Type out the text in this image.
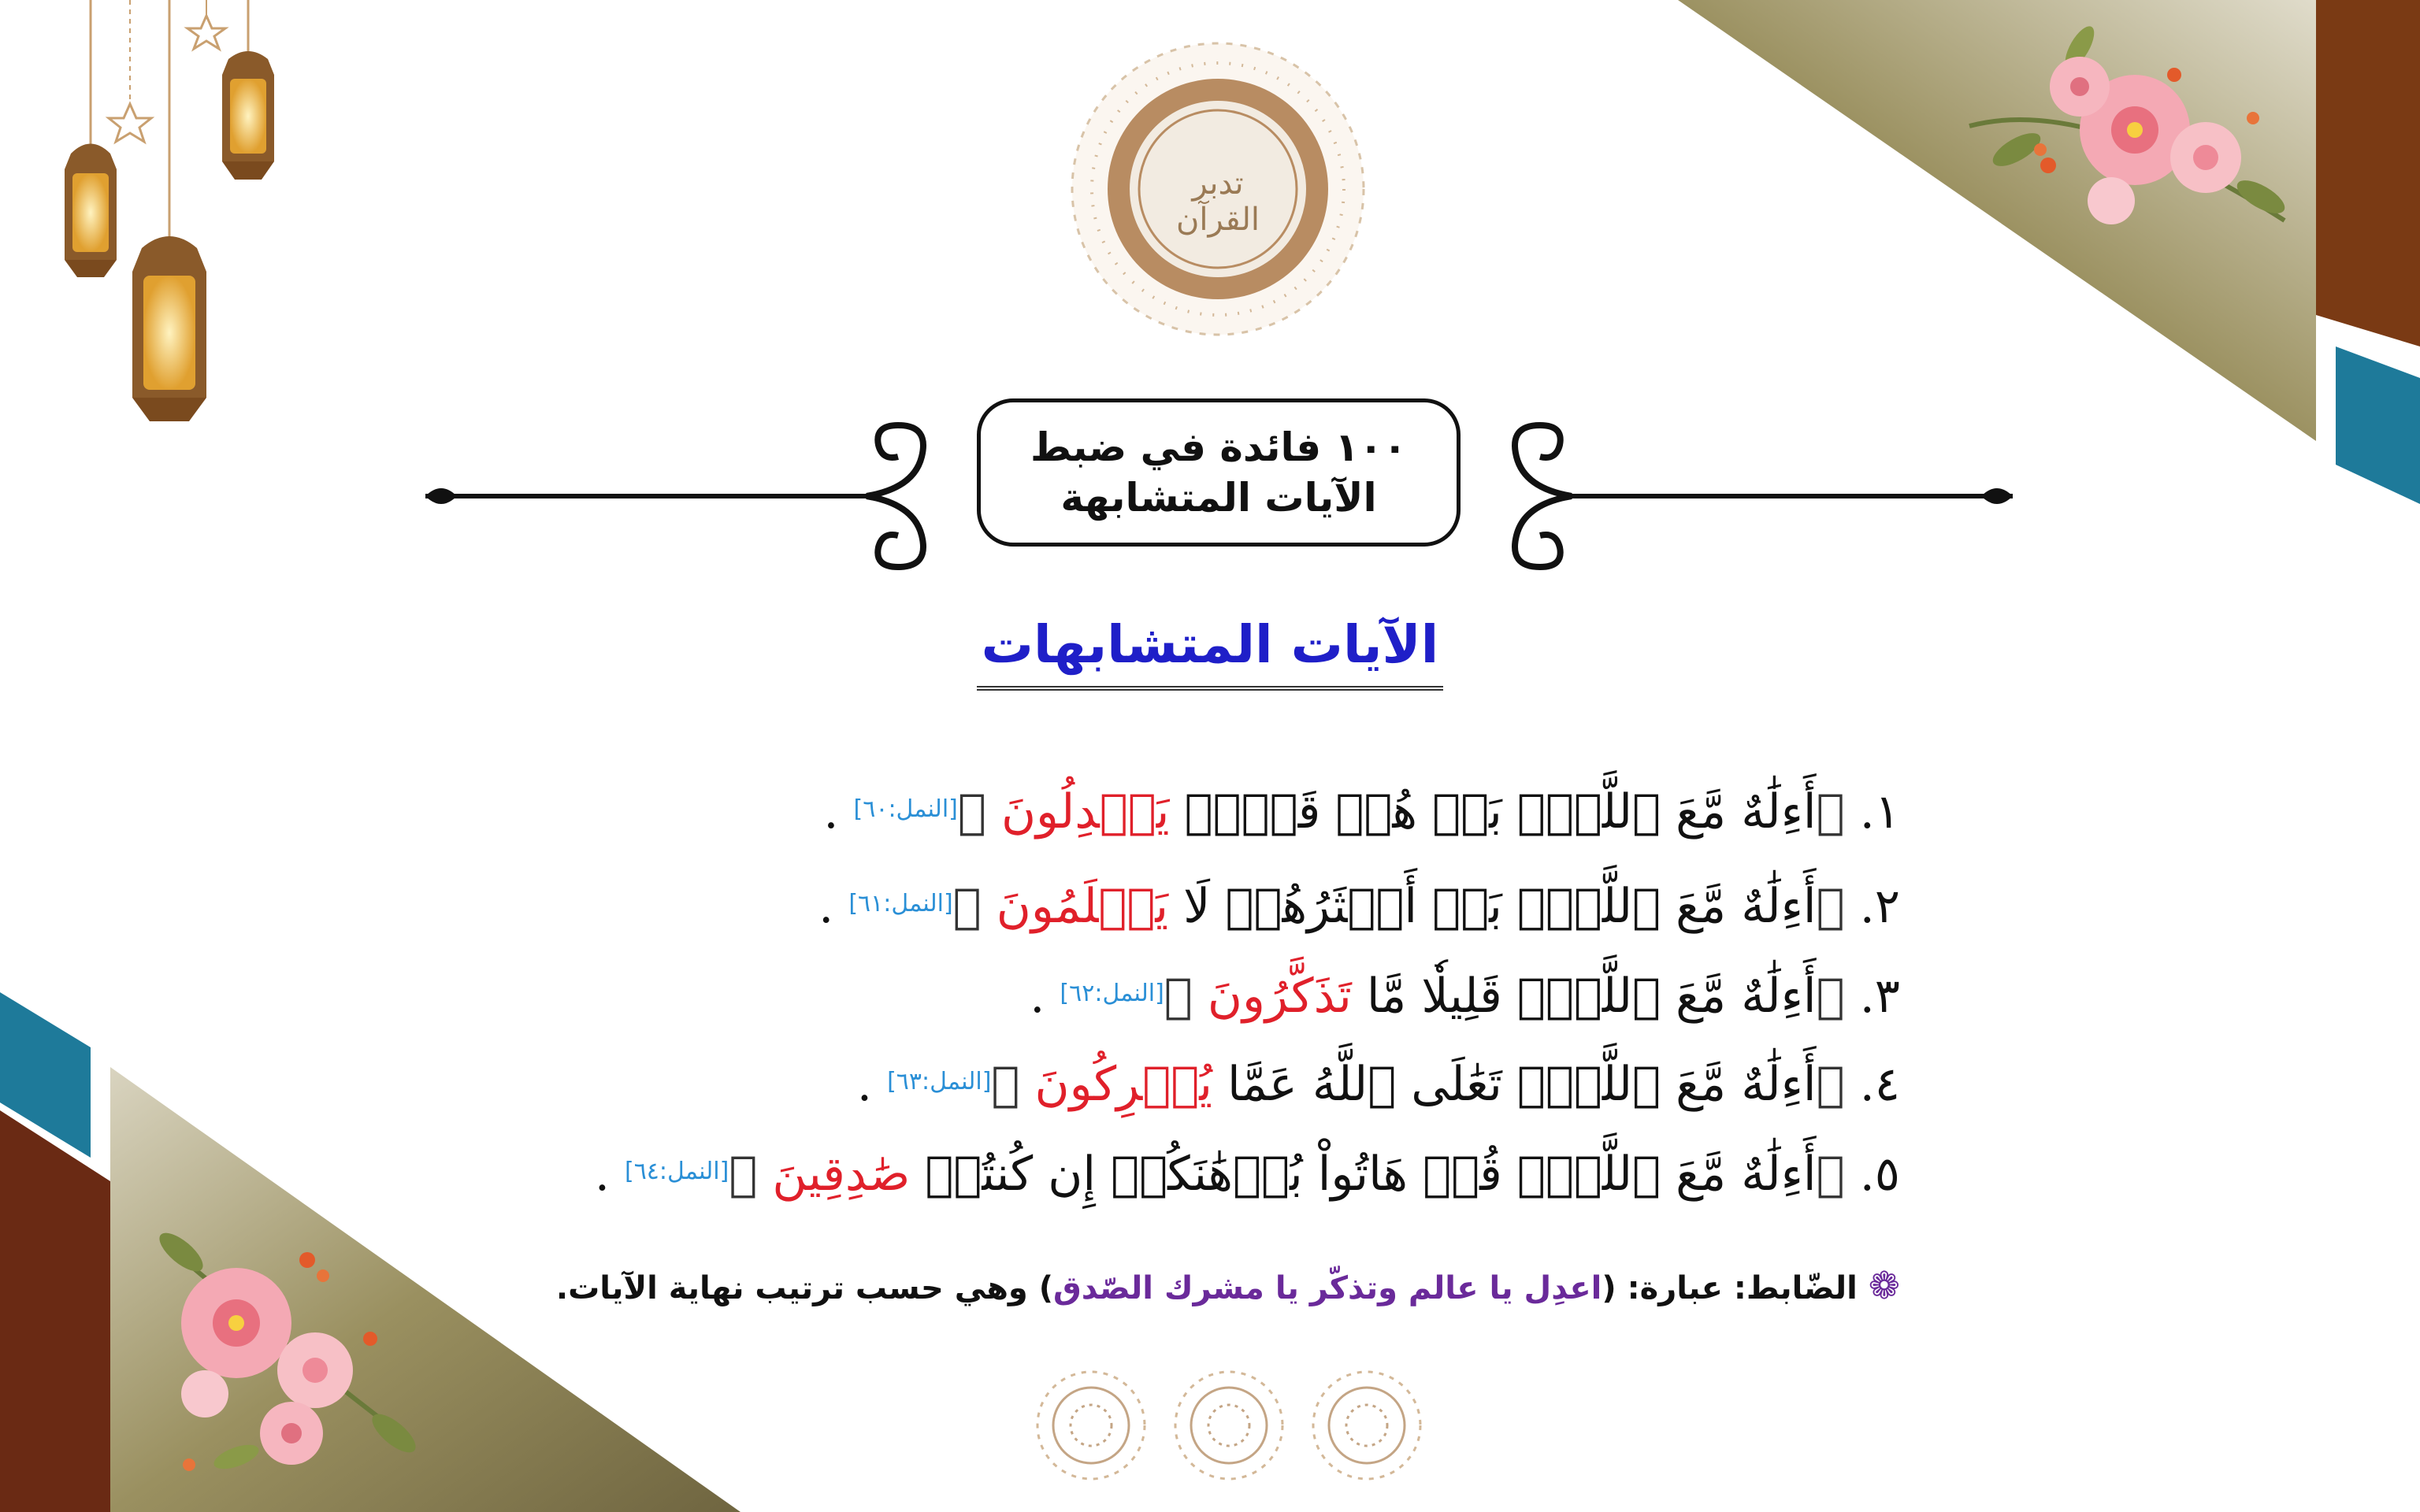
تدبر القرآن
١٠٠ فائدة في ضبط
الآيات المتشابهة
الآيات المتشابهات
١. ﴿أَءِلَٰهٌ مَّعَ ٱللَّهِۚ بَلۡ هُمۡ قَوۡمٞ يَعۡدِلُونَ ﴾[النمل:٦٠] .
٢. ﴿أَءِلَٰهٌ مَّعَ ٱللَّهِۚ بَلۡ أَكۡثَرُهُمۡ لَا يَعۡلَمُونَ ﴾[النمل:٦١] .
٣. ﴿أَءِلَٰهٌ مَّعَ ٱللَّهِۚ قَلِيلٗا مَّا تَذَكَّرُونَ ﴾[النمل:٦٢] .
٤. ﴿أَءِلَٰهٌ مَّعَ ٱللَّهِۚ تَعَٰلَى ٱللَّهُ عَمَّا يُشۡرِكُونَ ﴾[النمل:٦٣] .
٥. ﴿أَءِلَٰهٌ مَّعَ ٱللَّهِۚ قُلۡ هَاتُواْ بُرۡهَٰنَكُمۡ إِن كُنتُمۡ صَٰدِقِينَ ﴾[النمل:٦٤] .
❁ الضّابط: عبارة: (اعدِل يا عالم وتذكّر يا مشرك الصّدق) وهي حسب ترتيب نهاية الآيات.
